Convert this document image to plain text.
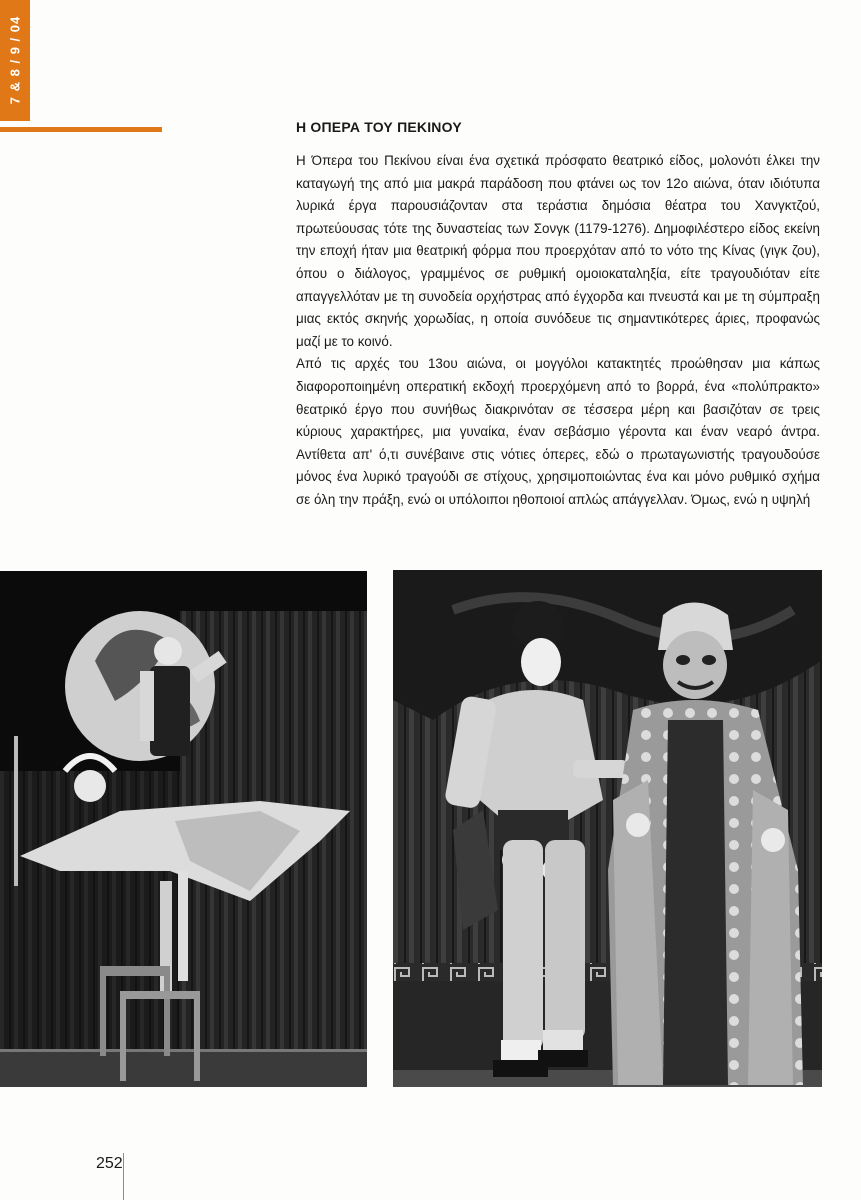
7 & 8 / 9 / 04
Η ΟΠΕΡΑ ΤΟΥ ΠΕΚΙΝΟΥ

Η Όπερα του Πεκίνου είναι ένα σχετικά πρόσφατο θεατρικό είδος, μολονότι έλκει την καταγωγή της από μια μακρά παράδοση που φτάνει ως τον 12ο αιώνα, όταν ιδιότυπα λυρικά έργα παρουσιάζονταν στα τεράστια δημόσια θέατρα του Χανγκτζού, πρωτεύουσας τότε της δυναστείας των Σονγκ (1179-1276). Δημοφιλέστερο είδος εκείνη την εποχή ήταν μια θεατρική φόρμα που προερχόταν από το νότο της Κίνας (γιγκ ζου), όπου ο διάλογος, γραμμένος σε ρυθμική ομοιοκαταληξία, είτε τραγουδιόταν είτε απαγγελλόταν με τη συνοδεία ορχήστρας από έγχορδα και πνευστά και με τη σύμπραξη μιας εκτός σκηνής χορωδίας, η οποία συνόδευε τις σημαντικότερες άριες, προφανώς μαζί με το κοινό.

Από τις αρχές του 13ου αιώνα, οι μογγόλοι κατακτητές προώθησαν μια κάπως διαφοροποιημένη οπερατική εκδοχή προερχόμενη από το βορρά, ένα «πολύπρακτο» θεατρικό έργο που συνήθως διακρινόταν σε τέσσερα μέρη και βασιζόταν σε τρεις κύριους χαρακτήρες, μια γυναίκα, έναν σεβάσμιο γέροντα και έναν νεαρό άντρα. Αντίθετα απ' ό,τι συνέβαινε στις νότιες όπερες, εδώ ο πρωταγωνιστής τραγουδούσε μόνος ένα λυρικό τραγούδι σε στίχους, χρησιμοποιώντας ένα και μόνο ρυθμικό σχήμα σε όλη την πράξη, ενώ οι υπόλοιποι ηθοποιοί απλώς απάγγελλαν. Όμως, ενώ η υψηλή

252
